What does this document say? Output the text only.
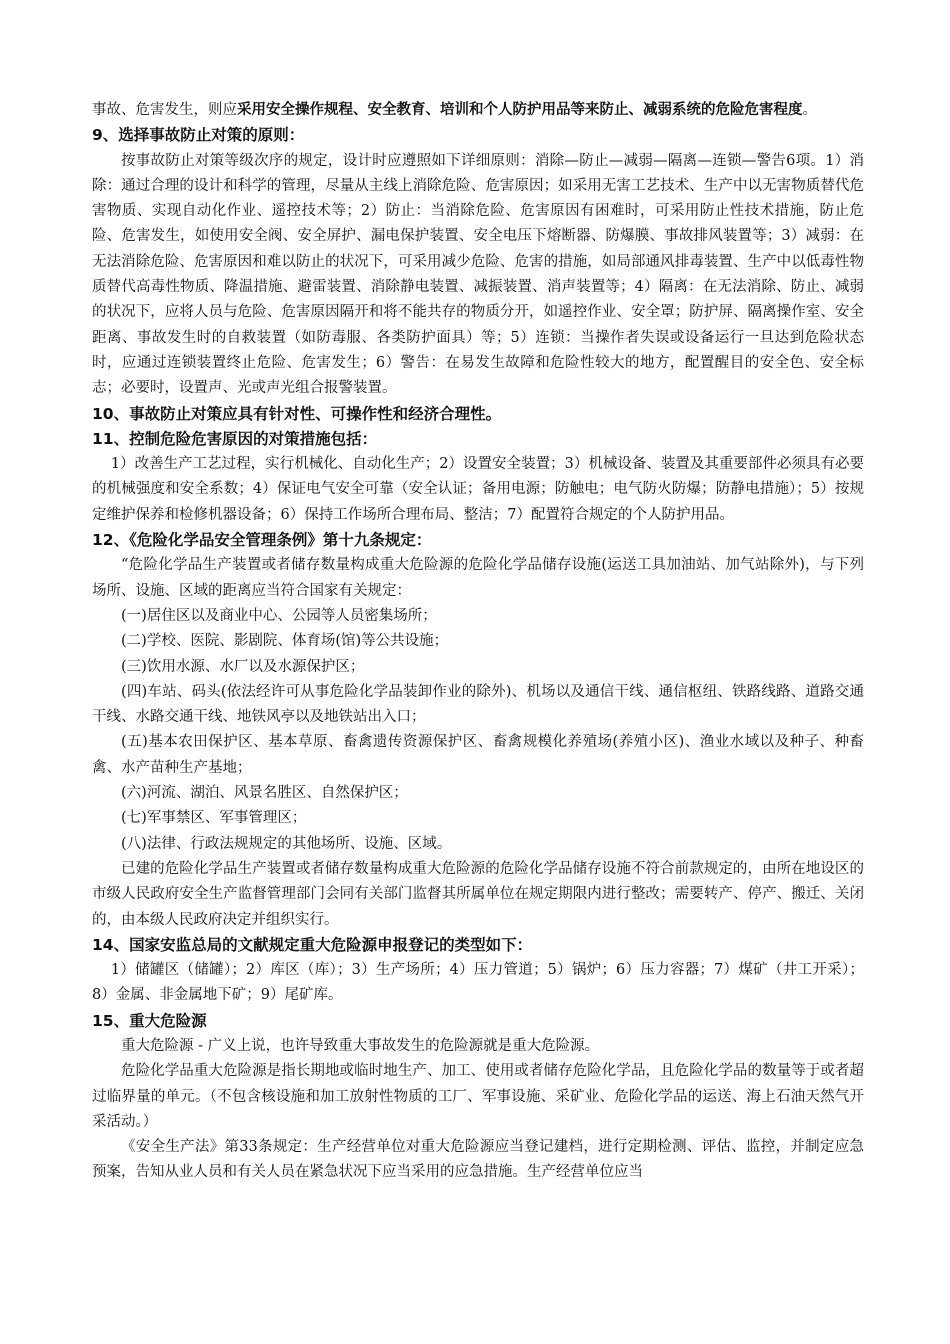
事故、危害发生，则应采用安全操作规程、安全教育、培训和个人防护用品等来防止、减弱系统的危险危害程度。

9、选择事故防止对策的原则：

按事故防止对策等级次序的规定，设计时应遵照如下详细原则：消除—防止—减弱—隔离—连锁—警告6项。1）消除：通过合理的设计和科学的管理，尽量从主线上消除危险、危害原因；如采用无害工艺技术、生产中以无害物质替代危害物质、实现自动化作业、遥控技术等；2）防止：当消除危险、危害原因有困难时，可采用防止性技术措施，防止危险、危害发生，如使用安全阀、安全屏护、漏电保护装置、安全电压下熔断器、防爆膜、事故排风装置等；3）减弱：在无法消除危险、危害原因和难以防止的状况下，可采用减少危险、危害的措施，如局部通风排毒装置、生产中以低毒性物质替代高毒性物质、降温措施、避雷装置、消除静电装置、减振装置、消声装置等；4）隔离：在无法消除、防止、减弱的状况下，应将人员与危险、危害原因隔开和将不能共存的物质分开，如遥控作业、安全罩；防护屏、隔离操作室、安全距离、事故发生时的自救装置（如防毒服、各类防护面具）等；5）连锁：当操作者失误或设备运行一旦达到危险状态时，应通过连锁装置终止危险、危害发生；6）警告：在易发生故障和危险性较大的地方，配置醒目的安全色、安全标志；必要时，设置声、光或声光组合报警装置。

10、事故防止对策应具有针对性、可操作性和经济合理性。

11、控制危险危害原因的对策措施包括：

1）改善生产工艺过程，实行机械化、自动化生产；2）设置安全装置；3）机械设备、装置及其重要部件必须具有必要的机械强度和安全系数；4）保证电气安全可靠（安全认证；备用电源；防触电；电气防火防爆；防静电措施）；5）按规定维护保养和检修机器设备；6）保持工作场所合理布局、整洁；7）配置符合规定的个人防护用品。

12、《危险化学品安全管理条例》第十九条规定：

“危险化学品生产装置或者储存数量构成重大危险源的危险化学品储存设施(运送工具加油站、加气站除外)，与下列场所、设施、区域的距离应当符合国家有关规定：

(一)居住区以及商业中心、公园等人员密集场所；

(二)学校、医院、影剧院、体育场(馆)等公共设施；

(三)饮用水源、水厂以及水源保护区；

(四)车站、码头(依法经许可从事危险化学品装卸作业的除外)、机场以及通信干线、通信枢纽、铁路线路、道路交通干线、水路交通干线、地铁风亭以及地铁站出入口；

(五)基本农田保护区、基本草原、畜禽遗传资源保护区、畜禽规模化养殖场(养殖小区)、渔业水域以及种子、种畜禽、水产苗种生产基地；

(六)河流、湖泊、风景名胜区、自然保护区；

(七)军事禁区、军事管理区；

(八)法律、行政法规规定的其他场所、设施、区域。

已建的危险化学品生产装置或者储存数量构成重大危险源的危险化学品储存设施不符合前款规定的，由所在地设区的市级人民政府安全生产监督管理部门会同有关部门监督其所属单位在规定期限内进行整改；需要转产、停产、搬迁、关闭的，由本级人民政府决定并组织实行。

14、国家安监总局的文献规定重大危险源申报登记的类型如下：

1）储罐区（储罐）；2）库区（库）；3）生产场所；4）压力管道；5）锅炉；6）压力容器；7）煤矿（井工开采）；8）金属、非金属地下矿；9）尾矿库。

15、重大危险源

重大危险源 - 广义上说，也许导致重大事故发生的危险源就是重大危险源。

危险化学品重大危险源是指长期地或临时地生产、加工、使用或者储存危险化学品，且危险化学品的数量等于或者超过临界量的单元。（不包含核设施和加工放射性物质的工厂、军事设施、采矿业、危险化学品的运送、海上石油天然气开采活动。）

《安全生产法》第33条规定：生产经营单位对重大危险源应当登记建档，进行定期检测、评估、监控，并制定应急预案，告知从业人员和有关人员在紧急状况下应当采用的应急措施。生产经营单位应当
